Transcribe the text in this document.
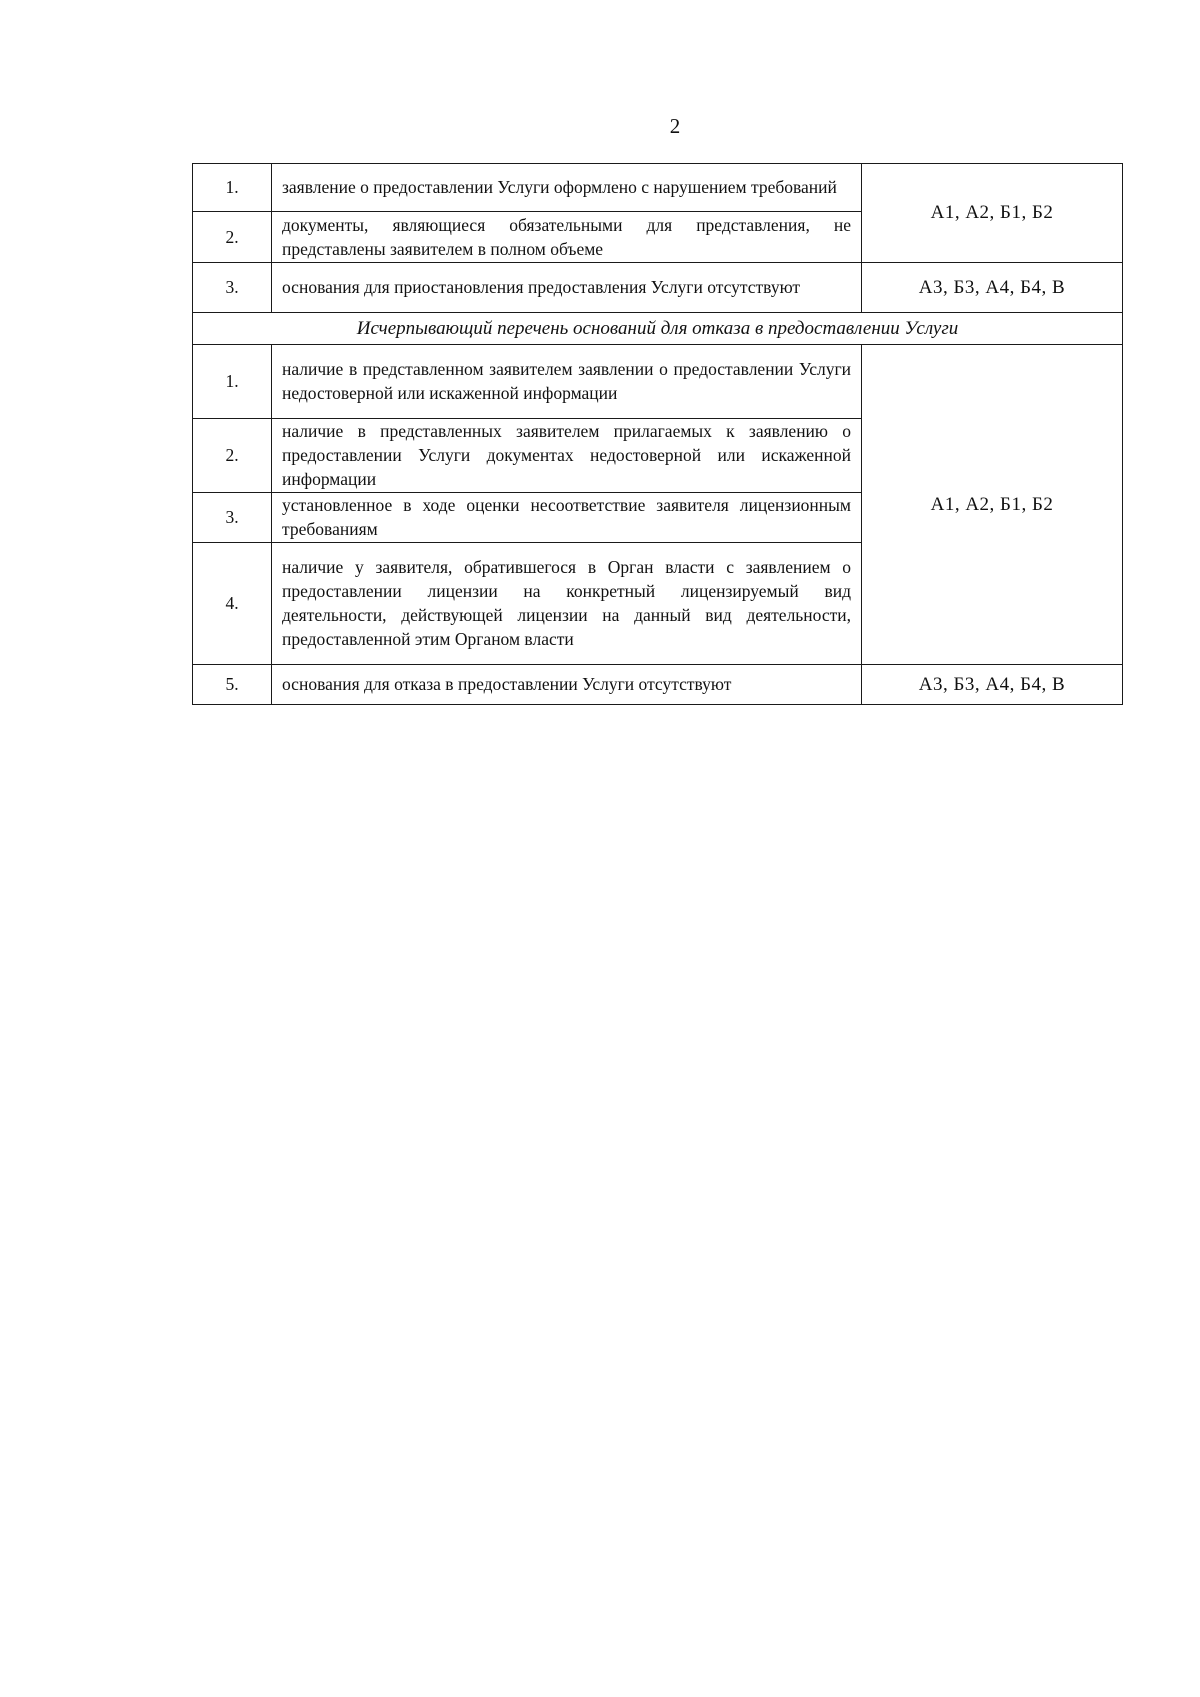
2
1.	заявление о предоставлении Услуги оформлено с нарушением требований	А1, А2, Б1, Б2
2.	документы, являющиеся обязательными для представления, не представлены заявителем в полном объеме	
3.	основания для приостановления предоставления Услуги отсутствуют	А3, Б3, А4, Б4, В
Исчерпывающий перечень оснований для отказа в предоставлении Услуги		
1.	наличие в представленном заявителем заявлении о предоставлении Услуги недостоверной или искаженной информации	А1, А2, Б1, Б2
2.	наличие в представленных заявителем прилагаемых к заявлению о предоставлении Услуги документах недостоверной или искаженной информации	
3.	установленное в ходе оценки несоответствие заявителя лицензионным требованиям	
4.	наличие у заявителя, обратившегося в Орган власти с заявлением о предоставлении лицензии на конкретный лицензируемый вид деятельности, действующей лицензии на данный вид деятельности, предоставленной этим Органом власти	
5.	основания для отказа в предоставлении Услуги отсутствуют	А3, Б3, А4, Б4, В
